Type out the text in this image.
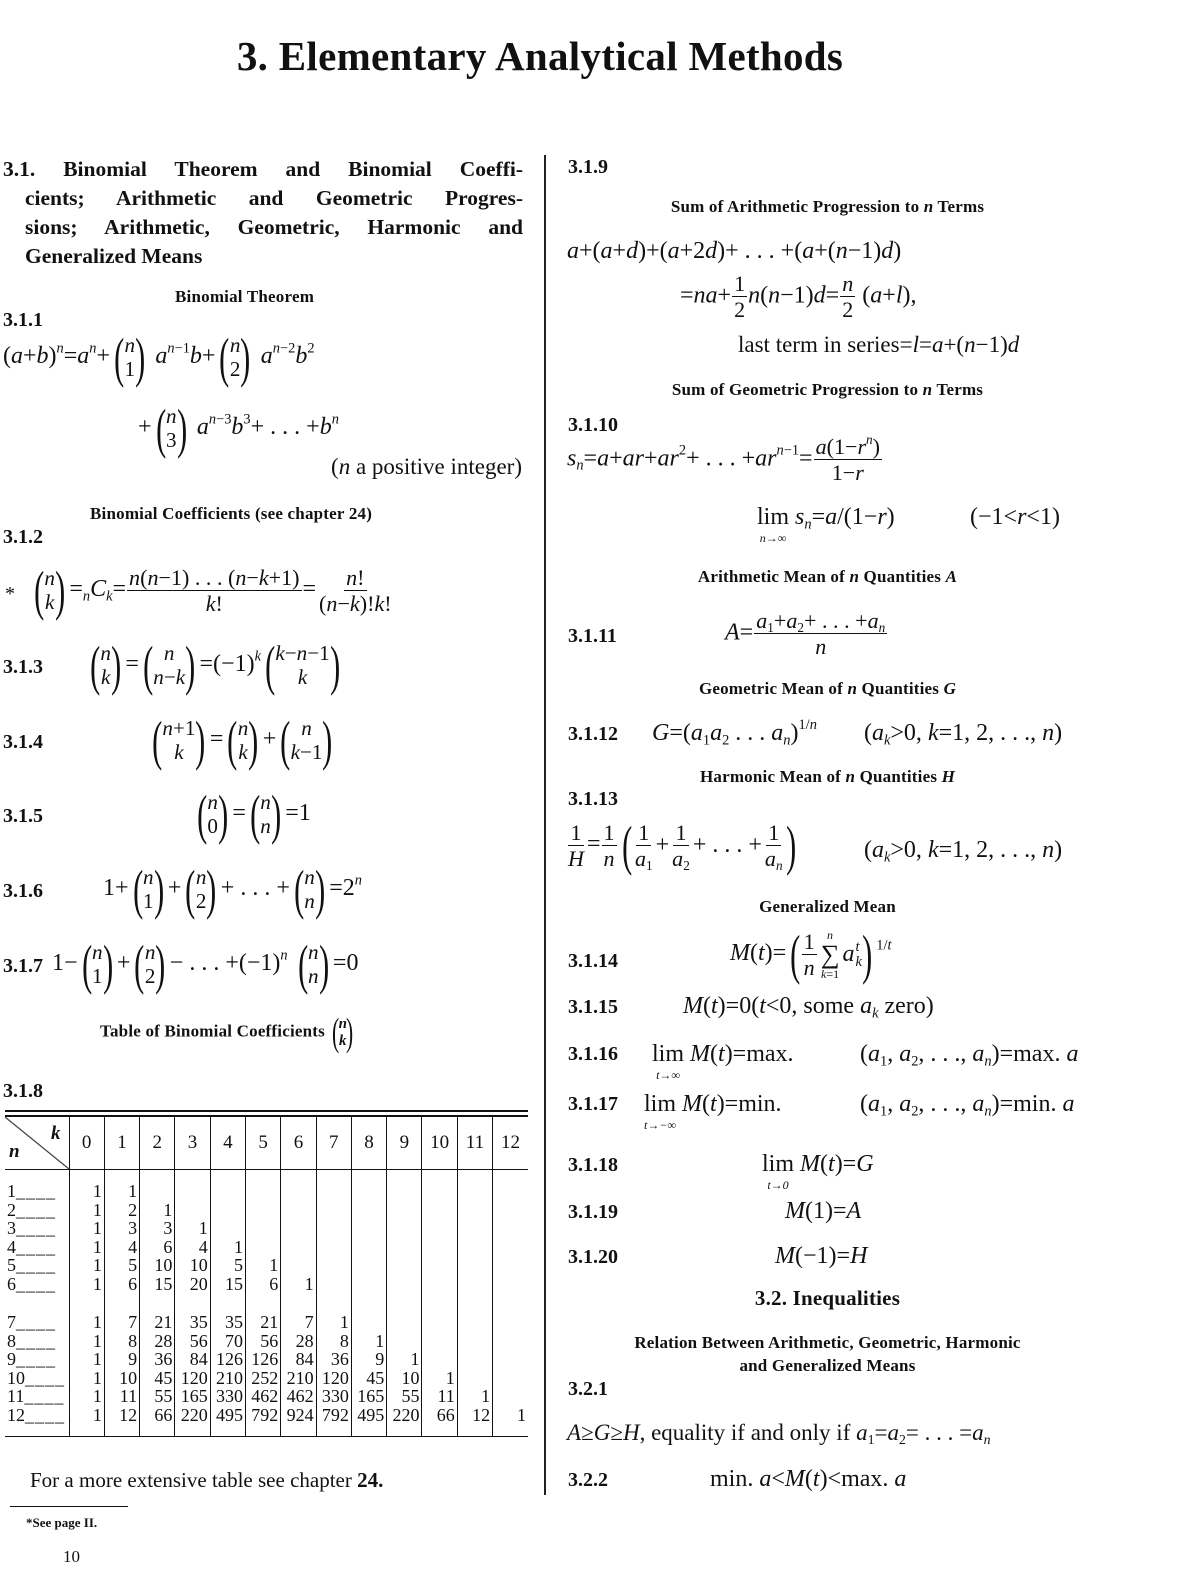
3. Elementary Analytical Methods
3.1. Binomial Theorem and Binomial Coeffi-
cients; Arithmetic and Geometric Progres-
sions; Arithmetic, Geometric, Harmonic and
Generalized Means
Binomial Theorem
3.1.1
$(a+b)^n=a^n+$ ( n
1
) $a^{n-1}b+$ ( n
2
) $a^{n-2}b^2$
+ ( n
3
) $a^{n-3}b^3+$ . . . $+b^n$
(n a positive integer)
Binomial Coefficients (see chapter 24)
3.1.2
*
( n
k
) $=_nC_k= \frac{n(n-1) . . . (n-k+1)}{k!} = \frac{n!}{(n-k)!k!}$
3.1.3
( n
k
) = ( n
n−k
) $=(-1)^k$ ( k−n−1
k
)
3.1.4
( n+1
k
) = ( n
k
) + ( n
k−1
)
3.1.5
( n
0
) = ( n
n
) =1
3.1.6	1+ ( n
1
) + ( n
2
) + . . . + ( n
n
) $=2^n$
3.1.7 1− ( n
1
) + ( n
2
) − . . . $+(-1)^n$ ( n
n
) =0
Table of Binomial Coefficients ( n
k
)
3.1.8
k
n	0	1	2	3	4	5	6	7	8	9	10	11	12

1____	1	1											
2____	1	2	1										
3____	1	3	3	1									
4____	1	4	6	4	1								
5____	1	5	10	10	5	1							
6____	1	6	15	20	15	6	1						

7____	1	7	21	35	35	21	7	1					
8____	1	8	28	56	70	56	28	8	1				
9____	1	9	36	84	126	126	84	36	9	1			
10____	1	10	45	120	210	252	210	120	45	10	1		
11____	1	11	55	165	330	462	462	330	165	55	11	1	
12____	1	12	66	220	495	792	924	792	495	220	66	12	1

For a more extensive table see chapter 24.
*See page II.
10
3.1.9
Sum of Arithmetic Progression to n Terms
a+(a+d)+(a+2d)+ . . . +(a+(n−1)d)
$=na+ \frac{1}{2} n(n-1)d= \frac{n}{2} (a+l)$,
last term in series=l=a+(n−1)d
Sum of Geometric Progression to n Terms
3.1.10
$s_n=a+ar+ar^2+$ . . . $+ar^{n-1}= \frac{a(1-r^n)}{1-r}$
lim
n→∞
$s_n=a/(1-r)$	(−1<r<1)
Arithmetic Mean of n Quantities A
3.1.11	$A= \frac{a_1+a_2+ . . . +a_n}{n}$
Geometric Mean of n Quantities G
3.1.12 $G=(a_1a_2$ . . . $a_n)^{1/n}$ ($a_k>0$, k=1, 2, . . ., n)
Harmonic Mean of n Quantities H
3.1.13
$\frac{1}{H} = \frac{1}{n}$ ( $\frac{1}{a_1} + \frac{1}{a_2}$ + . . . + $\frac{1}{a_n}$
)	($a_k>0$, k=1, 2, . . ., n)
Generalized Mean
3.1.14	M(t)= ( $\frac{1}{n}$ n
∑
k=1
a t
k
)$^{1/t}$
3.1.15	M(t)=0(t<0, some $a_k$ zero)
3.1.16 lim
t→∞
M(t)=max.	($a_1$, $a_2$, . . ., $a_n)=\max$. a
3.1.17 lim
t→−∞
M(t)=min.	($a_1$, $a_2$, . . ., $a_n)=\min$. a
3.1.18	lim
t→0
M(t)=G
3.1.19	M(1)=A
3.1.20	M(−1)=H
3.2. Inequalities
Relation Between Arithmetic, Geometric, Harmonic
and Generalized Means
3.2.1
A≥G≥H, equality if and only if $a_1=a_2=$ . . . $=a_n$
3.2.2	min. a<M(t)<max. a
